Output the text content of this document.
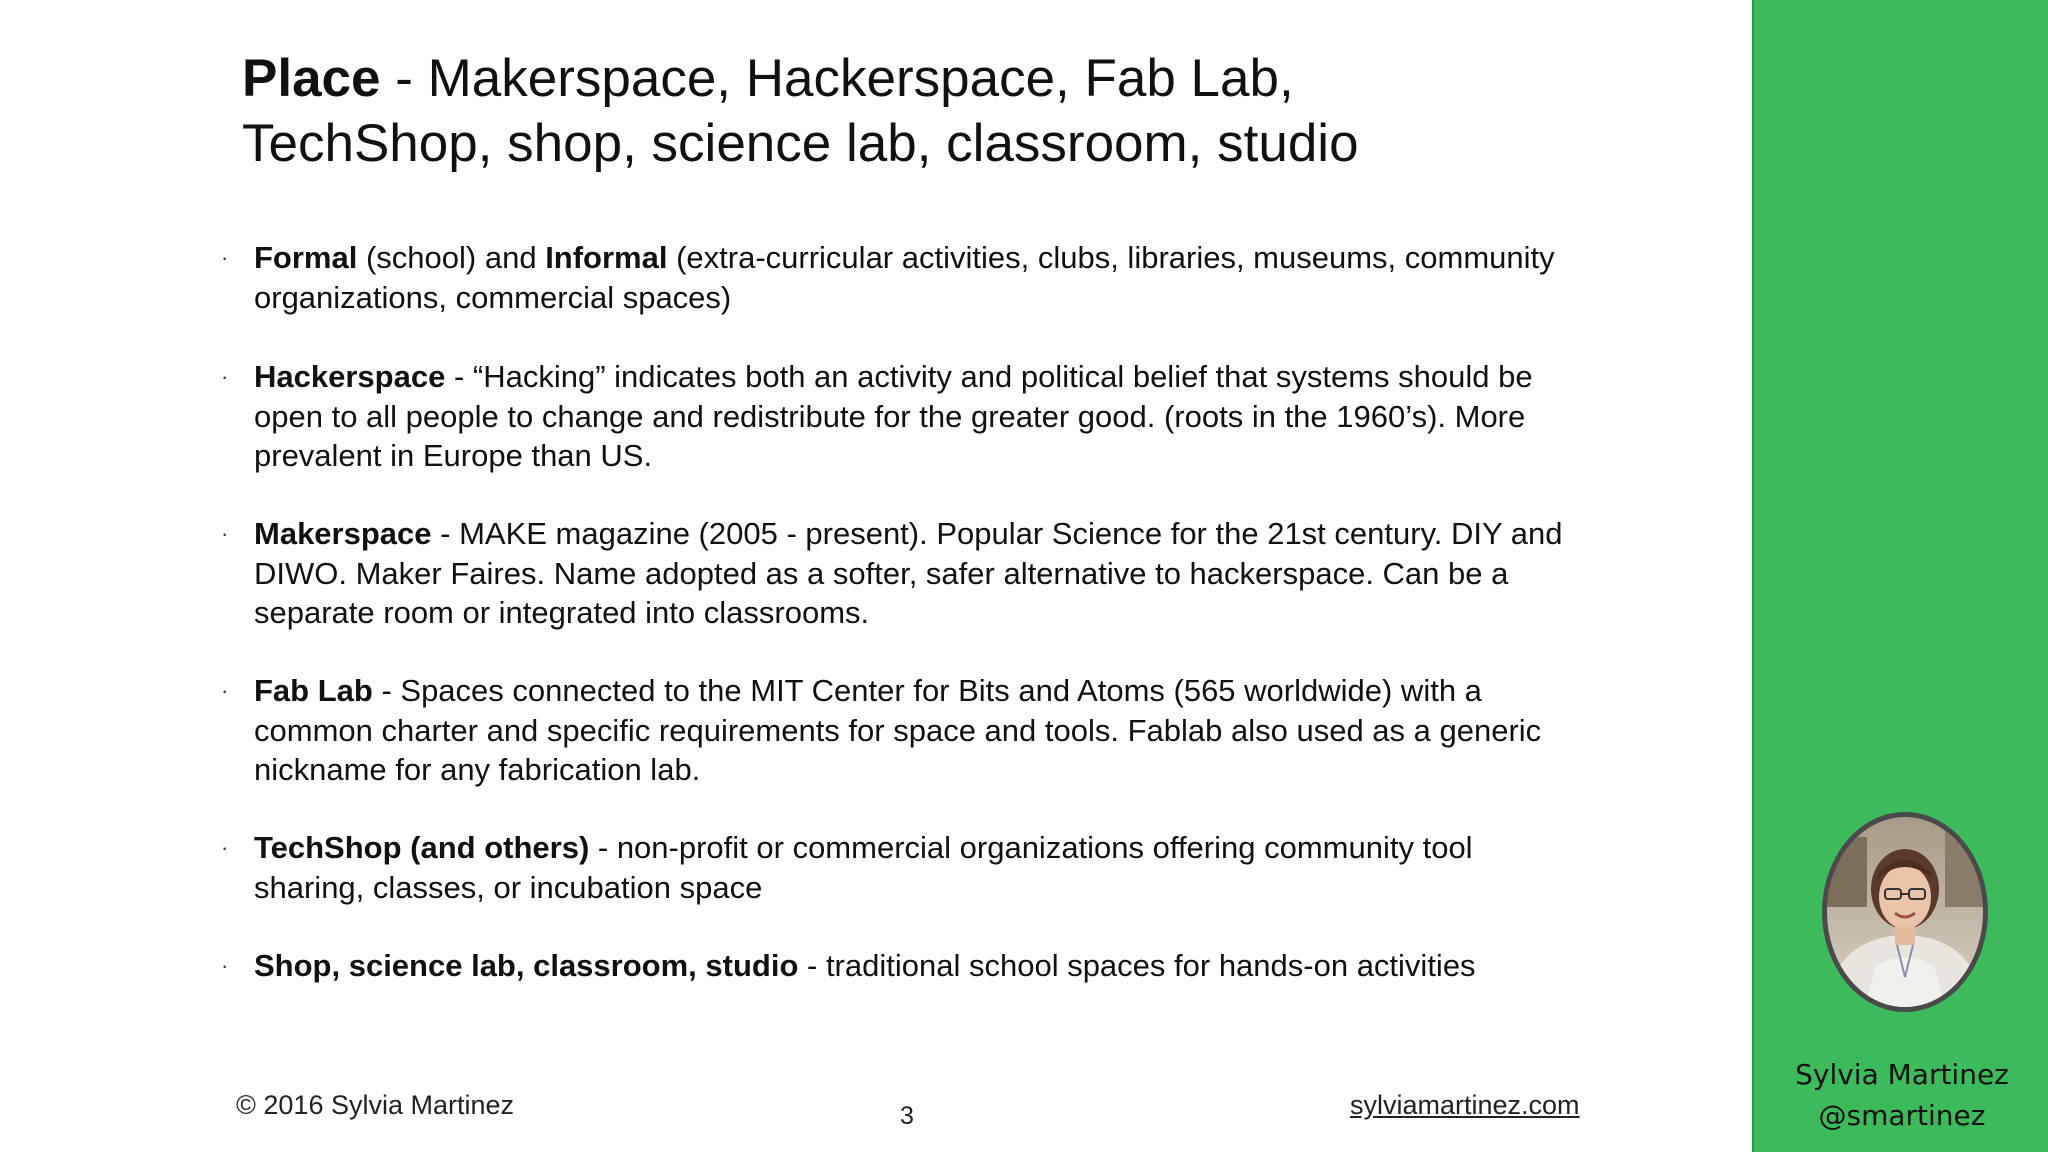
Place - Makerspace, Hackerspace, Fab Lab,
TechShop, shop, science lab, classroom, studio
· Formal (school) and Informal (extra-curricular activities, clubs, libraries, museums, community organizations, commercial spaces)
· Hackerspace - “Hacking” indicates both an activity and political belief that systems should be open to all people to change and redistribute for the greater good. (roots in the 1960’s). More prevalent in Europe than US.
· Makerspace - MAKE magazine (2005 - present). Popular Science for the 21st century. DIY and DIWO. Maker Faires. Name adopted as a softer, safer alternative to hackerspace. Can be a separate room or integrated into classrooms.
· Fab Lab - Spaces connected to the MIT Center for Bits and Atoms (565 worldwide) with a common charter and specific requirements for space and tools. Fablab also used as a generic nickname for any fabrication lab.
· TechShop (and others) - non-profit or commercial organizations offering community tool sharing, classes, or incubation space
· Shop, science lab, classroom, studio - traditional school spaces for hands-on activities
© 2016 Sylvia Martinez	3	sylviamartinez.com
Sylvia Martinez
@smartinez
